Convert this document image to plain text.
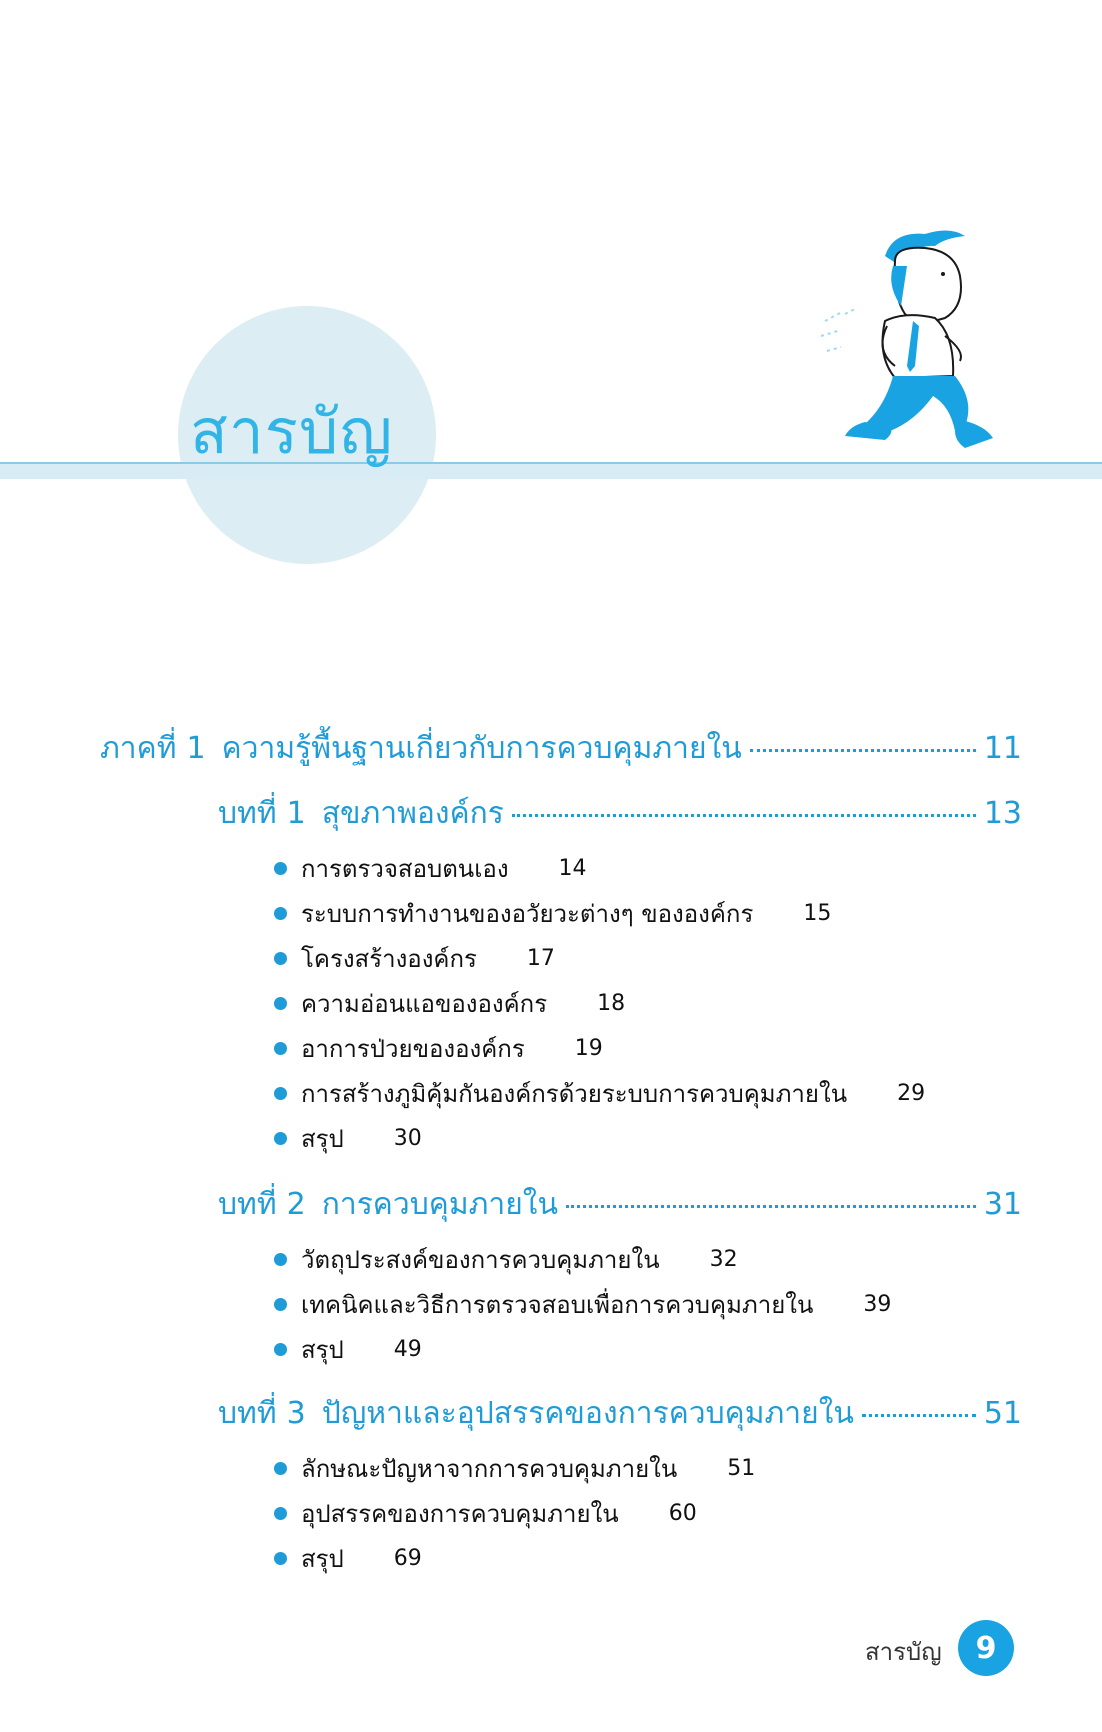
สารบัญ
ภาคที่ 1 ความรู้พื้นฐานเกี่ยวกับการควบคุมภายใน	11
บทที่ 1 สุขภาพองค์กร	13
การตรวจสอบตนเอง 14
ระบบการทำงานของอวัยวะต่างๆ ขององค์กร 15
โครงสร้างองค์กร 17
ความอ่อนแอขององค์กร 18
อาการป่วยขององค์กร 19
การสร้างภูมิคุ้มกันองค์กรด้วยระบบการควบคุมภายใน 29
สรุป 30
บทที่ 2 การควบคุมภายใน	31
วัตถุประสงค์ของการควบคุมภายใน 32
เทคนิคและวิธีการตรวจสอบเพื่อการควบคุมภายใน 39
สรุป 49
บทที่ 3 ปัญหาและอุปสรรคของการควบคุมภายใน	51
ลักษณะปัญหาจากการควบคุมภายใน 51
อุปสรรคของการควบคุมภายใน 60
สรุป 69
สารบัญ	9
